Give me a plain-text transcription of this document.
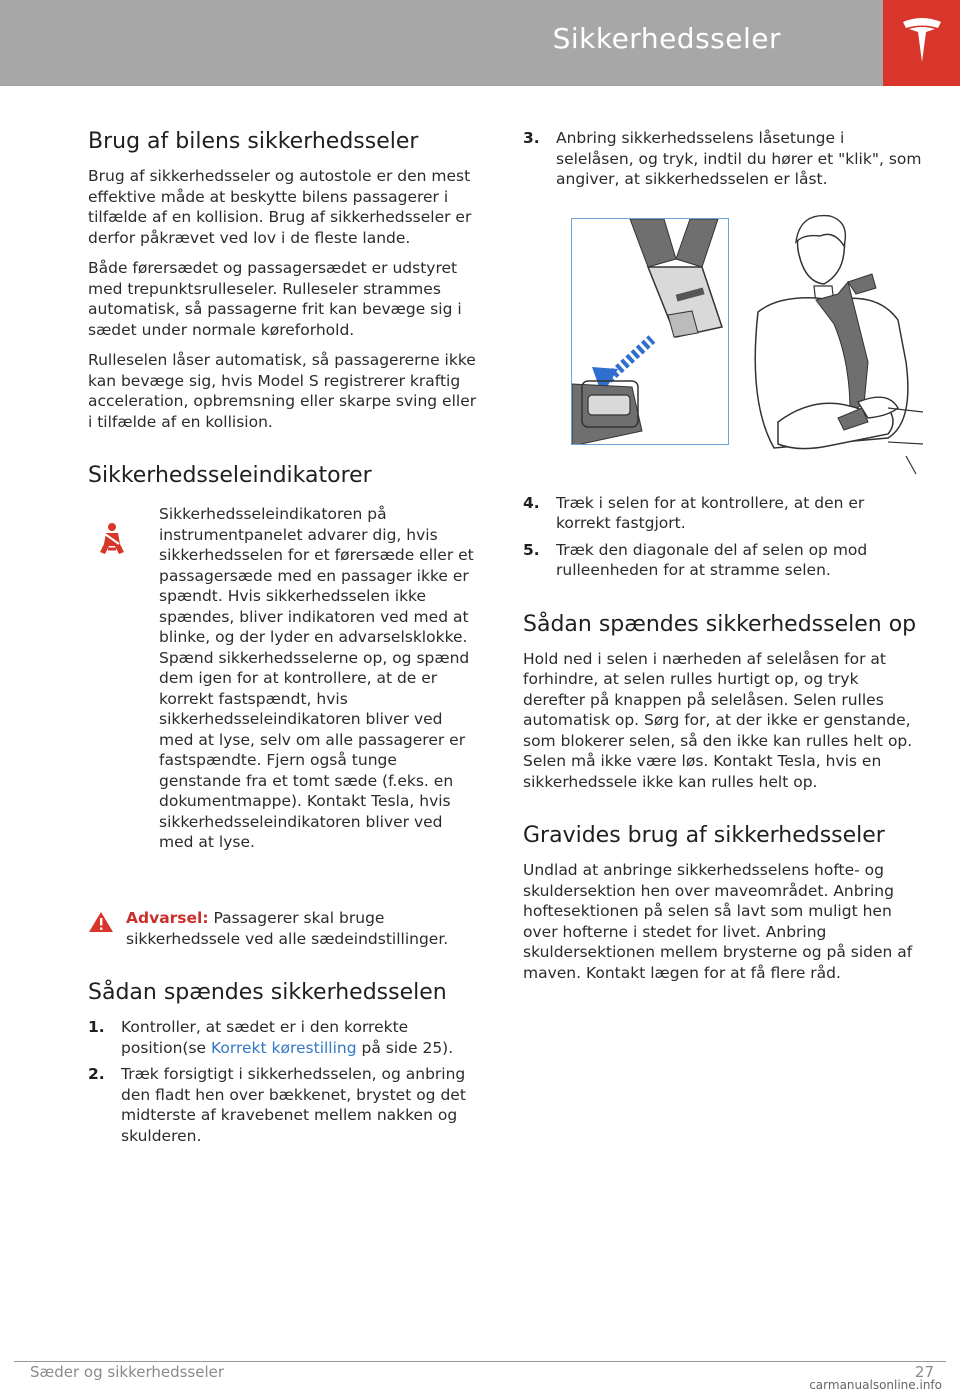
Sikkerhedsseler
Brug af bilens sikkerhedsseler

Brug af sikkerhedsseler og autostole er den mest effektive måde at beskytte bilens passagerer i tilfælde af en kollision. Brug af sikkerhedsseler er derfor påkrævet ved lov i de fleste lande.

Både førersædet og passagersædet er udstyret med trepunktsrulleseler. Rulleseler strammes automatisk, så passagerne frit kan bevæge sig i sædet under normale køreforhold.

Rulleselen låser automatisk, så passagererne ikke kan bevæge sig, hvis Model S registrerer kraftig acceleration, opbremsning eller skarpe sving eller i tilfælde af en kollision.

Sikkerhedsseleindikatorer

Sikkerhedsseleindikatoren på instrumentpanelet advarer dig, hvis sikkerhedsselen for et førersæde eller et passagersæde med en passager ikke er spændt. Hvis sikkerhedsselen ikke spændes, bliver indikatoren ved med at blinke, og der lyder en advarselsklokke. Spænd sikkerhedsselerne op, og spænd dem igen for at kontrollere, at de er korrekt fastspændt, hvis sikkerhedsseleindikatoren bliver ved med at lyse, selv om alle passagerer er fastspændte. Fjern også tunge genstande fra et tomt sæde (f.eks. en dokumentmappe). Kontakt Tesla, hvis sikkerhedsseleindikatoren bliver ved med at lyse.

Advarsel: Passagerer skal bruge sikkerhedssele ved alle sædeindstillinger.
Sådan spændes sikkerhedsselen
1. Kontroller, at sædet er i den korrekte position(se Korrekt kørestilling på side 25).
2. Træk forsigtigt i sikkerhedsselen, og anbring den fladt hen over bækkenet, brystet og det midterste af kravebenet mellem nakken og skulderen.
3. Anbring sikkerhedsselens låsetunge i selelåsen, og tryk, indtil du hører et "klik", som angiver, at sikkerhedsselen er låst.
4. Træk i selen for at kontrollere, at den er korrekt fastgjort.
5. Træk den diagonale del af selen op mod rulleenheden for at stramme selen.
Sådan spændes sikkerhedsselen op

Hold ned i selen i nærheden af selelåsen for at forhindre, at selen rulles hurtigt op, og tryk derefter på knappen på selelåsen. Selen rulles automatisk op. Sørg for, at der ikke er genstande, som blokerer selen, så den ikke kan rulles helt op. Selen må ikke være løs. Kontakt Tesla, hvis en sikkerhedssele ikke kan rulles helt op.

Gravides brug af sikkerhedsseler

Undlad at anbringe sikkerhedsselens hofte- og skuldersektion hen over maveområdet. Anbring hoftesektionen på selen så lavt som muligt hen over hofterne i stedet for livet. Anbring skuldersektionen mellem brysterne og på siden af maven. Kontakt lægen for at få flere råd.

Sæder og sikkerhedsseler	27
carmanualsonline.info
